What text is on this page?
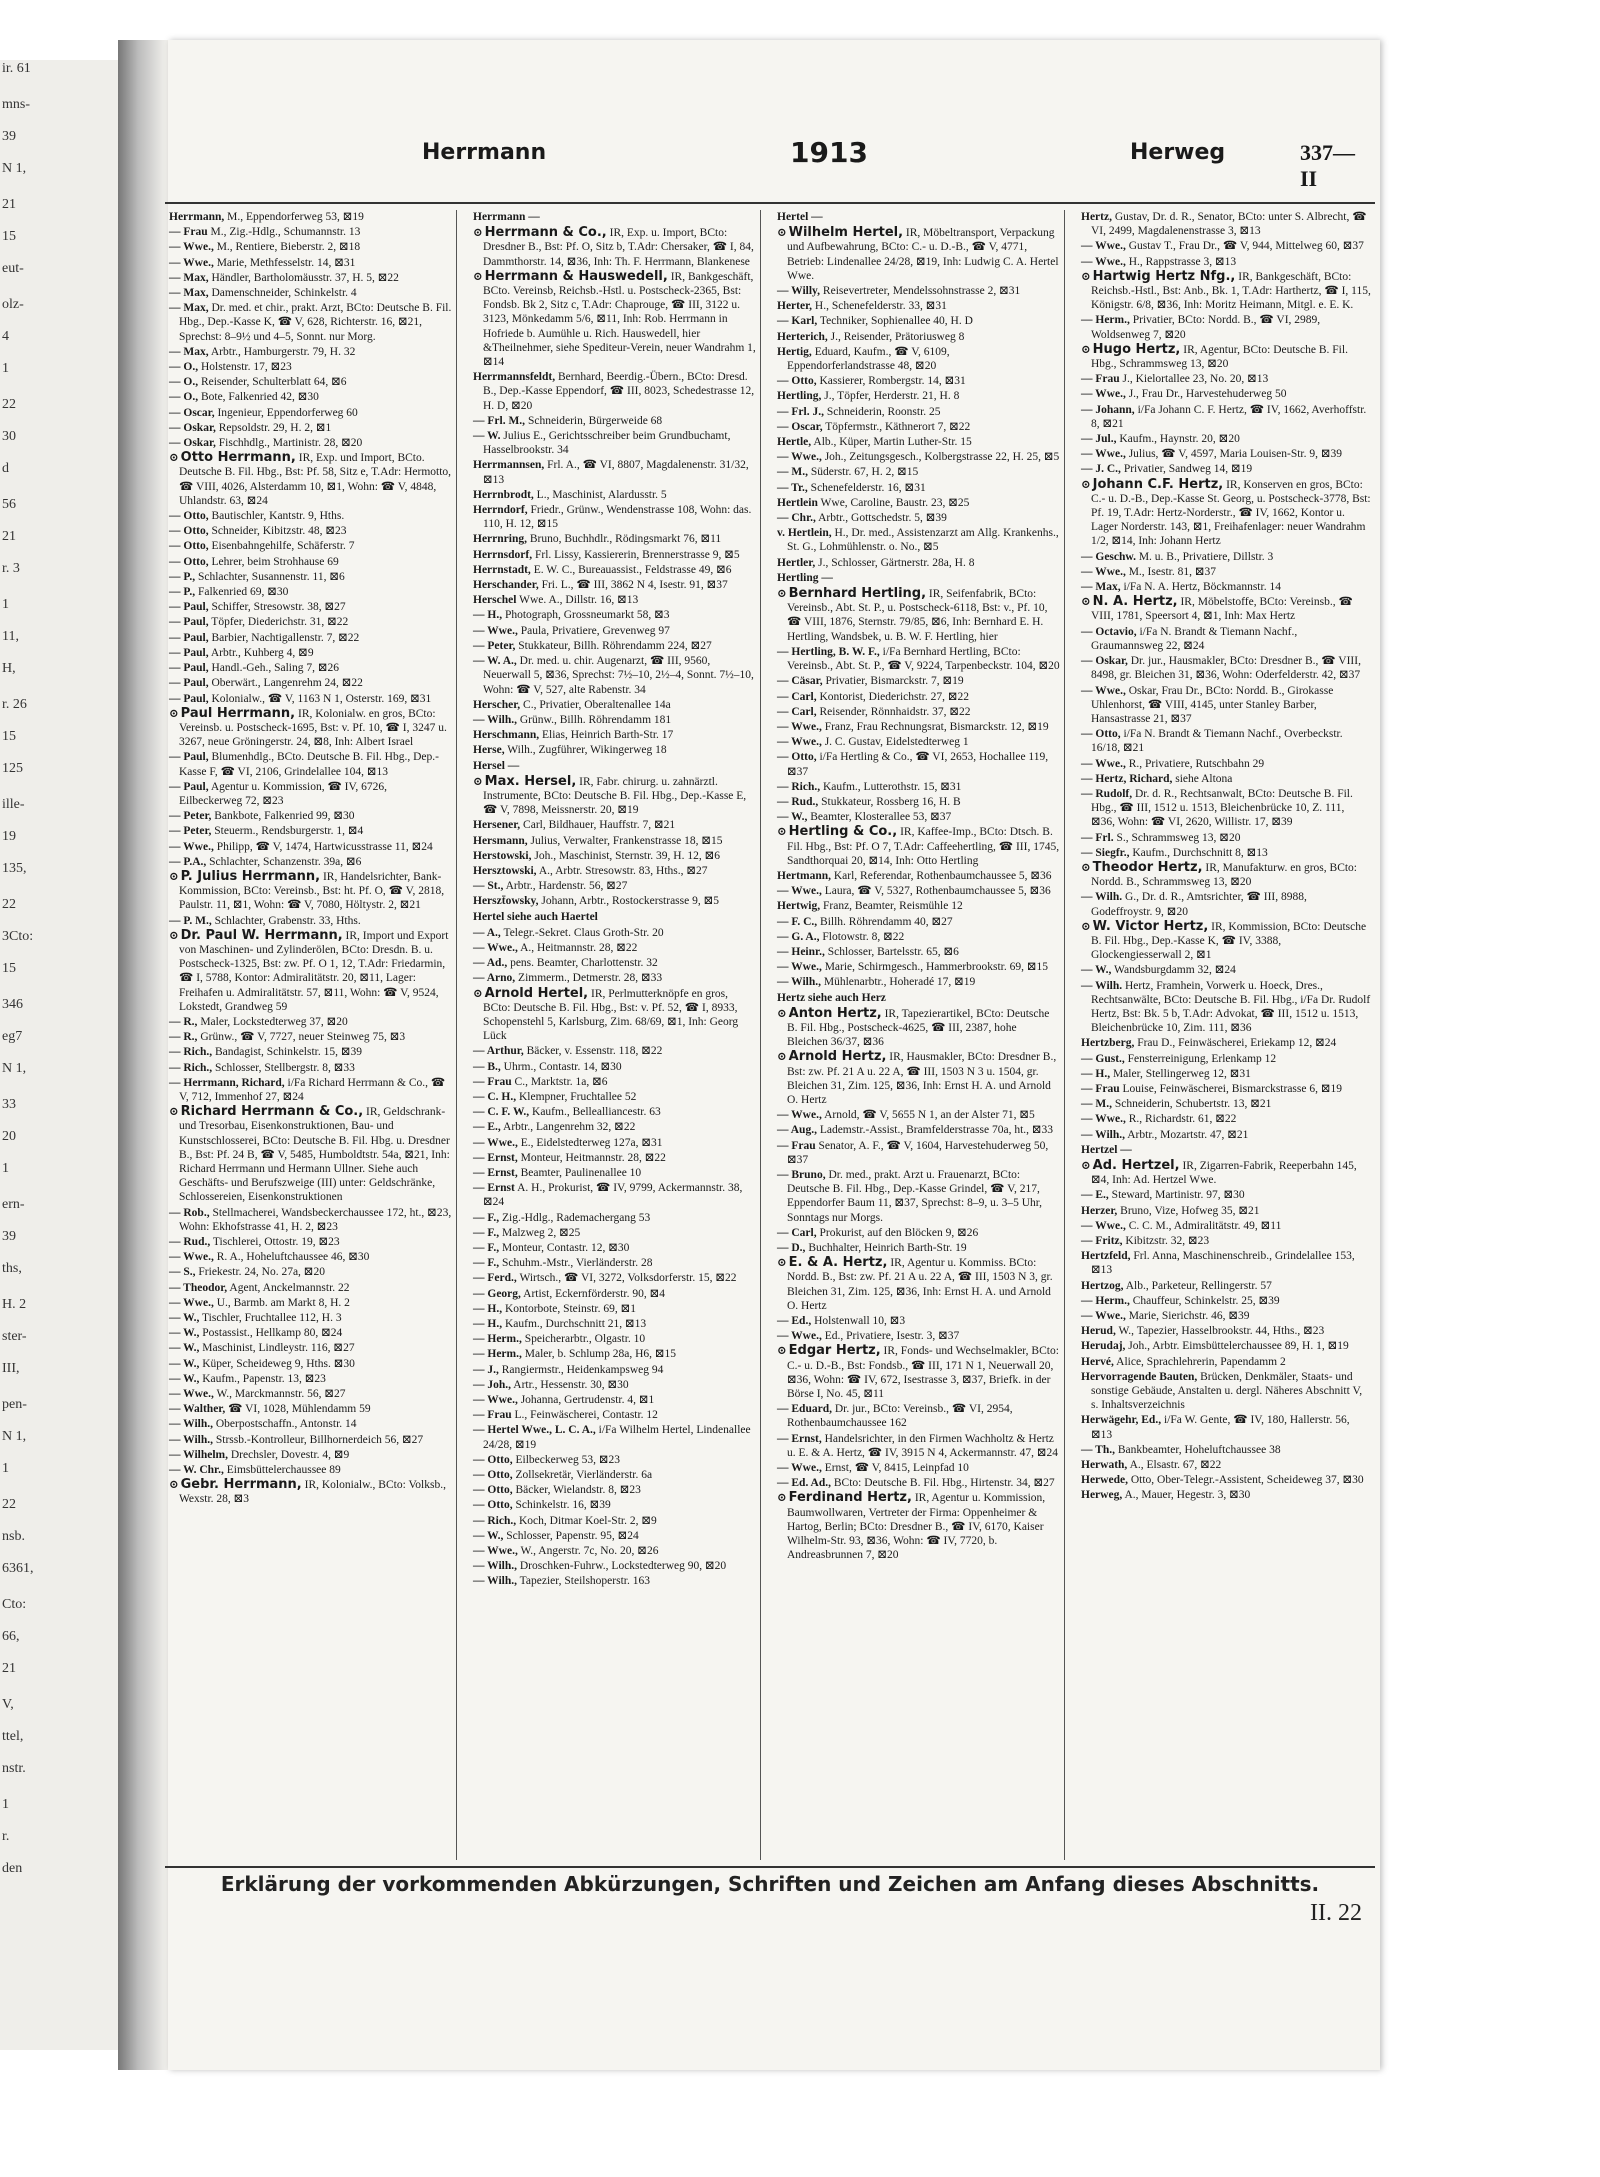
ir. 61
mns-
39
N 1,
21
15
eut-
olz-
4
1
22
30
d
56
21
r. 3
1
11,
H,
r. 26
15
125
ille-
19
135,
22
3Cto:
15
346
eg7
N 1,
33
20
1
ern-
39
ths,
H. 2
ster-
III,
pen-
N 1,
1
22
nsb.
6361,
Cto:
66,
21
V,
ttel,
nstr.
1
r.
den
Herrmann	1913	Herweg	337—II
Herrmann, M., Eppendorferweg 53, ⊠19
— Frau M., Zig.-Hdlg., Schumannstr. 13
— Wwe., M., Rentiere, Bieberstr. 2, ⊠18
— Wwe., Marie, Methfesselstr. 14, ⊠31
— Max, Händler, Bartholomäusstr. 37, H. 5, ⊠22
— Max, Damenschneider, Schinkelstr. 4
— Max, Dr. med. et chir., prakt. Arzt, BCto: Deutsche B. Fil. Hbg., Dep.-Kasse K, ☎ V, 628, Richterstr. 16, ⊠21, Sprechst: 8–9½ und 4–5, Sonnt. nur Morg.
— Max, Arbtr., Hamburgerstr. 79, H. 32
— O., Holstenstr. 17, ⊠23
— O., Reisender, Schulterblatt 64, ⊠6
— O., Bote, Falkenried 42, ⊠30
— Oscar, Ingenieur, Eppendorferweg 60
— Oskar, Repsoldstr. 29, H. 2, ⊠1
— Oskar, Fischhdlg., Martinistr. 28, ⊠20
⊙ Otto Herrmann, IR, Exp. und Import, BCto. Deutsche B. Fil. Hbg., Bst: Pf. 58, Sitz e, T.Adr: Hermotto, ☎ VIII, 4026, Alsterdamm 10, ⊠1, Wohn: ☎ V, 4848, Uhlandstr. 63, ⊠24
— Otto, Bautischler, Kantstr. 9, Hths.
— Otto, Schneider, Kibitzstr. 48, ⊠23
— Otto, Eisenbahngehilfe, Schäferstr. 7
— Otto, Lehrer, beim Strohhause 69
— P., Schlachter, Susannenstr. 11, ⊠6
— P., Falkenried 69, ⊠30
— Paul, Schiffer, Stresowstr. 38, ⊠27
— Paul, Töpfer, Diederichstr. 31, ⊠22
— Paul, Barbier, Nachtigallenstr. 7, ⊠22
— Paul, Arbtr., Kuhberg 4, ⊠9
— Paul, Handl.-Geh., Saling 7, ⊠26
— Paul, Oberwärt., Langenrehm 24, ⊠22
— Paul, Kolonialw., ☎ V, 1163 N 1, Osterstr. 169, ⊠31
⊙ Paul Herrmann, IR, Kolonialw. en gros, BCto: Vereinsb. u. Postscheck-1695, Bst: v. Pf. 10, ☎ I, 3247 u. 3267, neue Gröningerstr. 24, ⊠8, Inh: Albert Israel
— Paul, Blumenhdlg., BCto. Deutsche B. Fil. Hbg., Dep.-Kasse F, ☎ VI, 2106, Grindelallee 104, ⊠13
— Paul, Agentur u. Kommission, ☎ IV, 6726, Eilbeckerweg 72, ⊠23
— Peter, Bankbote, Falkenried 99, ⊠30
— Peter, Steuerm., Rendsburgerstr. 1, ⊠4
— Wwe., Philipp, ☎ V, 1474, Hartwicusstrasse 11, ⊠24
— P.A., Schlachter, Schanzenstr. 39a, ⊠6
⊙ P. Julius Herrmann, IR, Handelsrichter, Bank-Kommission, BCto: Vereinsb., Bst: ht. Pf. O, ☎ V, 2818, Paulstr. 11, ⊠1, Wohn: ☎ V, 7080, Höltystr. 2, ⊠21
— P. M., Schlachter, Grabenstr. 33, Hths.
⊙ Dr. Paul W. Herrmann, IR, Import und Export von Maschinen- und Zylinderölen, BCto: Dresdn. B. u. Postscheck-1325, Bst: zw. Pf. O 1, 12, T.Adr: Friedarmin, ☎ I, 5788, Kontor: Admiralitätstr. 20, ⊠11, Lager: Freihafen u. Admiralitätstr. 57, ⊠11, Wohn: ☎ V, 9524, Lokstedt, Grandweg 59
— R., Maler, Lockstedterweg 37, ⊠20
— R., Grünw., ☎ V, 7727, neuer Steinweg 75, ⊠3
— Rich., Bandagist, Schinkelstr. 15, ⊠39
— Rich., Schlosser, Stellbergstr. 8, ⊠33
— Herrmann, Richard, i/Fa Richard Herrmann & Co., ☎ V, 712, Immenhof 27, ⊠24
⊙ Richard Herrmann & Co., IR, Geldschrank- und Tresorbau, Eisenkonstruktionen, Bau- und Kunstschlosserei, BCto: Deutsche B. Fil. Hbg. u. Dresdner B., Bst: Pf. 24 B, ☎ V, 5485, Humboldtstr. 54a, ⊠21, Inh: Richard Herrmann und Hermann Ullner. Siehe auch Geschäfts- und Berufszweige (III) unter: Geldschränke, Schlossereien, Eisenkonstruktionen
— Rob., Stellmacherei, Wandsbeckerchaussee 172, ht., ⊠23, Wohn: Ekhofstrasse 41, H. 2, ⊠23
— Rud., Tischlerei, Ottostr. 19, ⊠23
— Wwe., R. A., Hoheluftchaussee 46, ⊠30
— S., Friekestr. 24, No. 27a, ⊠20
— Theodor, Agent, Anckelmannstr. 22
— Wwe., U., Barmb. am Markt 8, H. 2
— W., Tischler, Fruchtallee 112, H. 3
— W., Postassist., Hellkamp 80, ⊠24
— W., Maschinist, Lindleystr. 116, ⊠27
— W., Küper, Scheideweg 9, Hths. ⊠30
— W., Kaufm., Papenstr. 13, ⊠23
— Wwe., W., Marckmannstr. 56, ⊠27
— Walther, ☎ VI, 1028, Mühlendamm 59
— Wilh., Oberpostschaffn., Antonstr. 14
— Wilh., Strssb.-Kontrolleur, Billhornerdeich 56, ⊠27
— Wilhelm, Drechsler, Dovestr. 4, ⊠9
— W. Chr., Eimsbüttelerchaussee 89
⊙ Gebr. Herrmann, IR, Kolonialw., BCto: Volksb., Wexstr. 28, ⊠3
Herrmann —
⊙ Herrmann & Co., IR, Exp. u. Import, BCto: Dresdner B., Bst: Pf. O, Sitz b, T.Adr: Chersaker, ☎ I, 84, Dammthorstr. 14, ⊠36, Inh: Th. F. Herrmann, Blankenese
⊙ Herrmann & Hauswedell, IR, Bankgeschäft, BCto. Vereinsb, Reichsb.-Hstl. u. Postscheck-2365, Bst: Fondsb. Bk 2, Sitz c, T.Adr: Chaprouge, ☎ III, 3122 u. 3123, Mönkedamm 5/6, ⊠11, Inh: Rob. Herrmann in Hofriede b. Aumühle u. Rich. Hauswedell, hier &Theilnehmer, siehe Spediteur-Verein, neuer Wandrahm 1, ⊠14
Herrmannsfeldt, Bernhard, Beerdig.-Übern., BCto: Dresd. B., Dep.-Kasse Eppendorf, ☎ III, 8023, Schedestrasse 12, H. D, ⊠20
— Frl. M., Schneiderin, Bürgerweide 68
— W. Julius E., Gerichtsschreiber beim Grundbuchamt, Hasselbrookstr. 34
Herrmannsen, Frl. A., ☎ VI, 8807, Magdalenenstr. 31/32, ⊠13
Herrnbrodt, L., Maschinist, Alardusstr. 5
Herrndorf, Friedr., Grünw., Wendenstrasse 108, Wohn: das. 110, H. 12, ⊠15
Herrnring, Bruno, Buchhdlr., Rödingsmarkt 76, ⊠11
Herrnsdorf, Frl. Lissy, Kassiererin, Brennerstrasse 9, ⊠5
Herrnstadt, E. W. C., Bureauassist., Feldstrasse 49, ⊠6
Herschander, Fri. L., ☎ III, 3862 N 4, Isestr. 91, ⊠37
Herschel Wwe. A., Dillstr. 16, ⊠13
— H., Photograph, Grossneumarkt 58, ⊠3
— Wwe., Paula, Privatiere, Grevenweg 97
— Peter, Stukkateur, Billh. Röhrendamm 224, ⊠27
— W. A., Dr. med. u. chir. Augenarzt, ☎ III, 9560, Neuerwall 5, ⊠36, Sprechst: 7½–10, 2½–4, Sonnt. 7½–10, Wohn: ☎ V, 527, alte Rabenstr. 34
Herscher, C., Privatier, Oberaltenallee 14a
— Wilh., Grünw., Billh. Röhrendamm 181
Herschmann, Elias, Heinrich Barth-Str. 17
Herse, Wilh., Zugführer, Wikingerweg 18
Hersel —
⊙ Max. Hersel, IR, Fabr. chirurg. u. zahnärztl. Instrumente, BCto: Deutsche B. Fil. Hbg., Dep.-Kasse E, ☎ V, 7898, Meissnerstr. 20, ⊠19
Hersener, Carl, Bildhauer, Hauffstr. 7, ⊠21
Hersmann, Julius, Verwalter, Frankenstrasse 18, ⊠15
Herstowski, Joh., Maschinist, Sternstr. 39, H. 12, ⊠6
Hersztowski, A., Arbtr. Stresowstr. 83, Hths., ⊠27
— St., Arbtr., Hardenstr. 56, ⊠27
Herszt̄owsky, Johann, Arbtr., Rostockerstrasse 9, ⊠5
Hertel siehe auch Haertel
— A., Telegr.-Sekret. Claus Groth-Str. 20
— Wwe., A., Heitmannstr. 28, ⊠22
— Ad., pens. Beamter, Charlottenstr. 32
— Arno, Zimmerm., Detmerstr. 28, ⊠33
⊙ Arnold Hertel, IR, Perlmutterknöpfe en gros, BCto: Deutsche B. Fil. Hbg., Bst: v. Pf. 52, ☎ I, 8933, Schopenstehl 5, Karlsburg, Zim. 68/69, ⊠1, Inh: Georg Lück
— Arthur, Bäcker, v. Essenstr. 118, ⊠22
— B., Uhrm., Contastr. 14, ⊠30
— Frau C., Marktstr. 1a, ⊠6
— C. H., Klempner, Fruchtallee 52
— C. F. W., Kaufm., Bellealliancestr. 63
— E., Arbtr., Langenrehm 32, ⊠22
— Wwe., E., Eidelstedterweg 127a, ⊠31
— Ernst, Monteur, Heitmannstr. 28, ⊠22
— Ernst, Beamter, Paulinenallee 10
— Ernst A. H., Prokurist, ☎ IV, 9799, Ackermannstr. 38, ⊠24
— F., Zig.-Hdlg., Rademachergang 53
— F., Malzweg 2, ⊠25
— F., Monteur, Contastr. 12, ⊠30
— F., Schuhm.-Mstr., Vierländerstr. 28
— Ferd., Wirtsch., ☎ VI, 3272, Volksdorferstr. 15, ⊠22
— Georg, Artist, Eckernförderstr. 90, ⊠4
— H., Kontorbote, Steinstr. 69, ⊠1
— H., Kaufm., Durchschnitt 21, ⊠13
— Herm., Speicherarbtr., Olgastr. 10
— Herm., Maler, b. Schlump 28a, H6, ⊠15
— J., Rangiermstr., Heidenkampsweg 94
— Joh., Artr., Hessenstr. 30, ⊠30
— Wwe., Johanna, Gertrudenstr. 4, ⊠1
— Frau L., Feinwäscherei, Contastr. 12
— Hertel Wwe., L. C. A., i/Fa Wilhelm Hertel, Lindenallee 24/28, ⊠19
— Otto, Eilbeckerweg 53, ⊠23
— Otto, Zollsekretär, Vierländerstr. 6a
— Otto, Bäcker, Wielandstr. 8, ⊠23
— Otto, Schinkelstr. 16, ⊠39
— Rich., Koch, Ditmar Koel-Str. 2, ⊠9
— W., Schlosser, Papenstr. 95, ⊠24
— Wwe., W., Angerstr. 7c, No. 20, ⊠26
— Wilh., Droschken-Fuhrw., Lockstedterweg 90, ⊠20
— Wilh., Tapezier, Steilshoperstr. 163
Hertel —
⊙ Wilhelm Hertel, IR, Möbeltransport, Verpackung und Aufbewahrung, BCto: C.- u. D.-B., ☎ V, 4771, Betrieb: Lindenallee 24/28, ⊠19, Inh: Ludwig C. A. Hertel Wwe.
— Willy, Reisevertreter, Mendelssohnstrasse 2, ⊠31
Herter, H., Schenefelderstr. 33, ⊠31
— Karl, Techniker, Sophienallee 40, H. D
Herterich, J., Reisender, Prätoriusweg 8
Hertig, Eduard, Kaufm., ☎ V, 6109, Eppendorferlandstrasse 48, ⊠20
— Otto, Kassierer, Rombergstr. 14, ⊠31
Hertling, J., Töpfer, Herderstr. 21, H. 8
— Frl. J., Schneiderin, Roonstr. 25
— Oscar, Töpfermstr., Käthnerort 7, ⊠22
Hertle, Alb., Küper, Martin Luther-Str. 15
— Wwe., Joh., Zeitungsgesch., Kolbergstrasse 22, H. 25, ⊠5
— M., Süderstr. 67, H. 2, ⊠15
— Tr., Schenefelderstr. 16, ⊠31
Hertlein Wwe, Caroline, Baustr. 23, ⊠25
— Chr., Arbtr., Gottschedstr. 5, ⊠39
v. Hertlein, H., Dr. med., Assistenzarzt am Allg. Krankenhs., St. G., Lohmühlenstr. o. No., ⊠5
Hertler, J., Schlosser, Gärtnerstr. 28a, H. 8
Hertling —
⊙ Bernhard Hertling, IR, Seifenfabrik, BCto: Vereinsb., Abt. St. P., u. Postscheck-6118, Bst: v., Pf. 10, ☎ VIII, 1876, Sternstr. 79/85, ⊠6, Inh: Bernhard E. H. Hertling, Wandsbek, u. B. W. F. Hertling, hier
— Hertling, B. W. F., i/Fa Bernhard Hertling, BCto: Vereinsb., Abt. St. P., ☎ V, 9224, Tarpenbeckstr. 104, ⊠20
— Cäsar, Privatier, Bismarckstr. 7, ⊠19
— Carl, Kontorist, Diederichstr. 27, ⊠22
— Carl, Reisender, Rönnhaidstr. 37, ⊠22
— Wwe., Franz, Frau Rechnungsrat, Bismarckstr. 12, ⊠19
— Wwe., J. C. Gustav, Eidelstedterweg 1
— Otto, i/Fa Hertling & Co., ☎ VI, 2653, Hochallee 119, ⊠37
— Rich., Kaufm., Lutterothstr. 15, ⊠31
— Rud., Stukkateur, Rossberg 16, H. B
— W., Beamter, Klosterallee 53, ⊠37
⊙ Hertling & Co., IR, Kaffee-Imp., BCto: Dtsch. B. Fil. Hbg., Bst: Pf. O 7, T.Adr: Caffeehertling, ☎ III, 1745, Sandthorquai 20, ⊠14, Inh: Otto Hertling
Hertmann, Karl, Referendar, Rothenbaumchaussee 5, ⊠36
— Wwe., Laura, ☎ V, 5327, Rothenbaumchaussee 5, ⊠36
Hertwig, Franz, Beamter, Reismühle 12
— F. C., Billh. Röhrendamm 40, ⊠27
— G. A., Flotowstr. 8, ⊠22
— Heinr., Schlosser, Bartelsstr. 65, ⊠6
— Wwe., Marie, Schirmgesch., Hammerbrookstr. 69, ⊠15
— Wilh., Mühlenarbtr., Hoheradé 17, ⊠19
Hertz siehe auch Herz
⊙ Anton Hertz, IR, Tapezierartikel, BCto: Deutsche B. Fil. Hbg., Postscheck-4625, ☎ III, 2387, hohe Bleichen 36/37, ⊠36
⊙ Arnold Hertz, IR, Hausmakler, BCto: Dresdner B., Bst: zw. Pf. 21 A u. 22 A, ☎ III, 1503 N 3 u. 1504, gr. Bleichen 31, Zim. 125, ⊠36, Inh: Ernst H. A. und Arnold O. Hertz
— Wwe., Arnold, ☎ V, 5655 N 1, an der Alster 71, ⊠5
— Aug., Lademstr.-Assist., Bramfelderstrasse 70a, ht., ⊠33
— Frau Senator, A. F., ☎ V, 1604, Harvestehuderweg 50, ⊠37
— Bruno, Dr. med., prakt. Arzt u. Frauenarzt, BCto: Deutsche B. Fil. Hbg., Dep.-Kasse Grindel, ☎ V, 217, Eppendorfer Baum 11, ⊠37, Sprechst: 8–9, u. 3–5 Uhr, Sonntags nur Morgs.
— Carl, Prokurist, auf den Blöcken 9, ⊠26
— D., Buchhalter, Heinrich Barth-Str. 19
⊙ E. & A. Hertz, IR, Agentur u. Kommiss. BCto: Nordd. B., Bst: zw. Pf. 21 A u. 22 A, ☎ III, 1503 N 3, gr. Bleichen 31, Zim. 125, ⊠36, Inh: Ernst H. A. und Arnold O. Hertz
— Ed., Holstenwall 10, ⊠3
— Wwe., Ed., Privatiere, Isestr. 3, ⊠37
⊙ Edgar Hertz, IR, Fonds- und Wechselmakler, BCto: C.- u. D.-B., Bst: Fondsb., ☎ III, 171 N 1, Neuerwall 20, ⊠36, Wohn: ☎ IV, 672, Isestrasse 3, ⊠37, Briefk. in der Börse I, No. 45, ⊠11
— Eduard, Dr. jur., BCto: Vereinsb., ☎ VI, 2954, Rothenbaumchaussee 162
— Ernst, Handelsrichter, in den Firmen Wachholtz & Hertz u. E. & A. Hertz, ☎ IV, 3915 N 4, Ackermannstr. 47, ⊠24
— Wwe., Ernst, ☎ V, 8415, Leinpfad 10
— Ed. Ad., BCto: Deutsche B. Fil. Hbg., Hirtenstr. 34, ⊠27
⊙ Ferdinand Hertz, IR, Agentur u. Kommission, Baumwollwaren, Vertreter der Firma: Oppenheimer & Hartog, Berlin; BCto: Dresdner B., ☎ IV, 6170, Kaiser Wilhelm-Str. 93, ⊠36, Wohn: ☎ IV, 7720, b. Andreasbrunnen 7, ⊠20
Hertz, Gustav, Dr. d. R., Senator, BCto: unter S. Albrecht, ☎ VI, 2499, Magdalenenstrasse 3, ⊠13
— Wwe., Gustav T., Frau Dr., ☎ V, 944, Mittelweg 60, ⊠37
— Wwe., H., Rappstrasse 3, ⊠13
⊙ Hartwig Hertz Nfg., IR, Bankgeschäft, BCto: Reichsb.-Hstl., Bst: Anb., Bk. 1, T.Adr: Harthertz, ☎ I, 115, Königstr. 6/8, ⊠36, Inh: Moritz Heimann, Mitgl. e. E. K.
— Herm., Privatier, BCto: Nordd. B., ☎ VI, 2989, Woldsenweg 7, ⊠20
⊙ Hugo Hertz, IR, Agentur, BCto: Deutsche B. Fil. Hbg., Schrammsweg 13, ⊠20
— Frau J., Kielortallee 23, No. 20, ⊠13
— Wwe., J., Frau Dr., Harvestehuderweg 50
— Johann, i/Fa Johann C. F. Hertz, ☎ IV, 1662, Averhoffstr. 8, ⊠21
— Jul., Kaufm., Haynstr. 20, ⊠20
— Wwe., Julius, ☎ V, 4597, Maria Louisen-Str. 9, ⊠39
— J. C., Privatier, Sandweg 14, ⊠19
⊙ Johann C.F. Hertz, IR, Konserven en gros, BCto: C.- u. D.-B., Dep.-Kasse St. Georg, u. Postscheck-3778, Bst: Pf. 19, T.Adr: Hertz-Norderstr., ☎ IV, 1662, Kontor u. Lager Norderstr. 143, ⊠1, Freihafenlager: neuer Wandrahm 1/2, ⊠14, Inh: Johann Hertz
— Geschw. M. u. B., Privatiere, Dillstr. 3
— Wwe., M., Isestr. 81, ⊠37
— Max, i/Fa N. A. Hertz, Böckmannstr. 14
⊙ N. A. Hertz, IR, Möbelstoffe, BCto: Vereinsb., ☎ VIII, 1781, Speersort 4, ⊠1, Inh: Max Hertz
— Octavio, i/Fa N. Brandt & Tiemann Nachf., Graumannsweg 22, ⊠24
— Oskar, Dr. jur., Hausmakler, BCto: Dresdner B., ☎ VIII, 8498, gr. Bleichen 31, ⊠36, Wohn: Oderfelderstr. 42, ⊠37
— Wwe., Oskar, Frau Dr., BCto: Nordd. B., Girokasse Uhlenhorst, ☎ VIII, 4145, unter Stanley Barber, Hansastrasse 21, ⊠37
— Otto, i/Fa N. Brandt & Tiemann Nachf., Overbeckstr. 16/18, ⊠21
— Wwe., R., Privatiere, Rutschbahn 29
— Hertz, Richard, siehe Altona
— Rudolf, Dr. d. R., Rechtsanwalt, BCto: Deutsche B. Fil. Hbg., ☎ III, 1512 u. 1513, Bleichenbrücke 10, Z. 111, ⊠36, Wohn: ☎ VI, 2620, Willistr. 17, ⊠39
— Frl. S., Schrammsweg 13, ⊠20
— Siegfr., Kaufm., Durchschnitt 8, ⊠13
⊙ Theodor Hertz, IR, Manufakturw. en gros, BCto: Nordd. B., Schrammsweg 13, ⊠20
— Wilh. G., Dr. d. R., Amtsrichter, ☎ III, 8988, Godeffroystr. 9, ⊠20
⊙ W. Victor Hertz, IR, Kommission, BCto: Deutsche B. Fil. Hbg., Dep.-Kasse K, ☎ IV, 3388, Glockengiesserwall 2, ⊠1
— W., Wandsburgdamm 32, ⊠24
— Wilh. Hertz, Framhein, Vorwerk u. Hoeck, Dres., Rechtsanwälte, BCto: Deutsche B. Fil. Hbg., i/Fa Dr. Rudolf Hertz, Bst: Bk. 5 b, T.Adr: Advokat, ☎ III, 1512 u. 1513, Bleichenbrücke 10, Zim. 111, ⊠36
Hertzberg, Frau D., Feinwäscherei, Eriekamp 12, ⊠24
— Gust., Fensterreinigung, Erlenkamp 12
— H., Maler, Stellingerweg 12, ⊠31
— Frau Louise, Feinwäscherei, Bismarckstrasse 6, ⊠19
— M., Schneiderin, Schubertstr. 13, ⊠21
— Wwe., R., Richardstr. 61, ⊠22
— Wilh., Arbtr., Mozartstr. 47, ⊠21
Hertzel —
⊙ Ad. Hertzel, IR, Zigarren-Fabrik, Reeperbahn 145, ⊠4, Inh: Ad. Hertzel Wwe.
— E., Steward, Martinistr. 97, ⊠30
Herzer, Bruno, Vize, Hofweg 35, ⊠21
— Wwe., C. C. M., Admiralitätstr. 49, ⊠11
— Fritz, Kibitzstr. 32, ⊠23
Hertzfeld, Frl. Anna, Maschinenschreib., Grindelallee 153, ⊠13
Hertzog, Alb., Parketeur, Rellingerstr. 57
— Herm., Chauffeur, Schinkelstr. 25, ⊠39
— Wwe., Marie, Sierichstr. 46, ⊠39
Herud, W., Tapezier, Hasselbrookstr. 44, Hths., ⊠23
Herudaj, Joh., Arbtr. Eimsbüttelerchaussee 89, H. 1, ⊠19
Hervé, Alice, Sprachlehrerin, Papendamm 2
Hervorragende Bauten, Brücken, Denkmäler, Staats- und sonstige Gebäude, Anstalten u. dergl. Näheres Abschnitt V, s. Inhaltsverzeichnis
Herwägehr, Ed., i/Fa W. Gente, ☎ IV, 180, Hallerstr. 56, ⊠13
— Th., Bankbeamter, Hoheluftchaussee 38
Herwath, A., Elsastr. 67, ⊠22
Herwede, Otto, Ober-Telegr.-Assistent, Scheideweg 37, ⊠30
Herweg, A., Mauer, Hegestr. 3, ⊠30
Erklärung der vorkommenden Abkürzungen, Schriften und Zeichen am Anfang dieses Abschnitts.
II. 22
